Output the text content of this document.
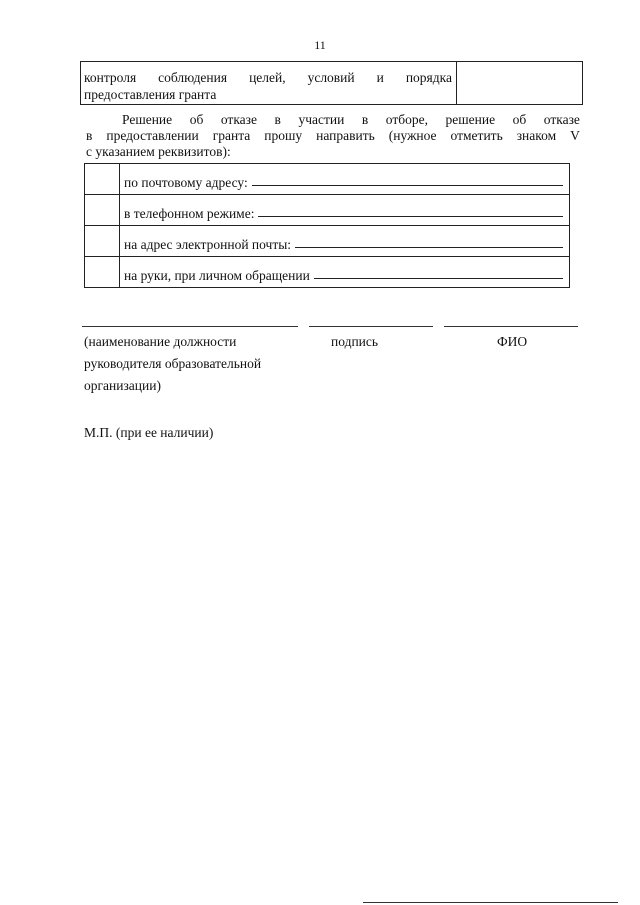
11
контроля соблюдения целей, условий и порядка
предоставления гранта
Решение об отказе в участии в отборе, решение об отказе
в предоставлении гранта прошу направить (нужное отметить знаком V
с указанием реквизитов):

	по почтовому адресу:

	в телефонном режиме:

	на адрес электронной почты:

	на руки, при личном обращении
(наименование должности
руководителя образовательной
организации)
подпись	ФИО
М.П. (при ее наличии)
